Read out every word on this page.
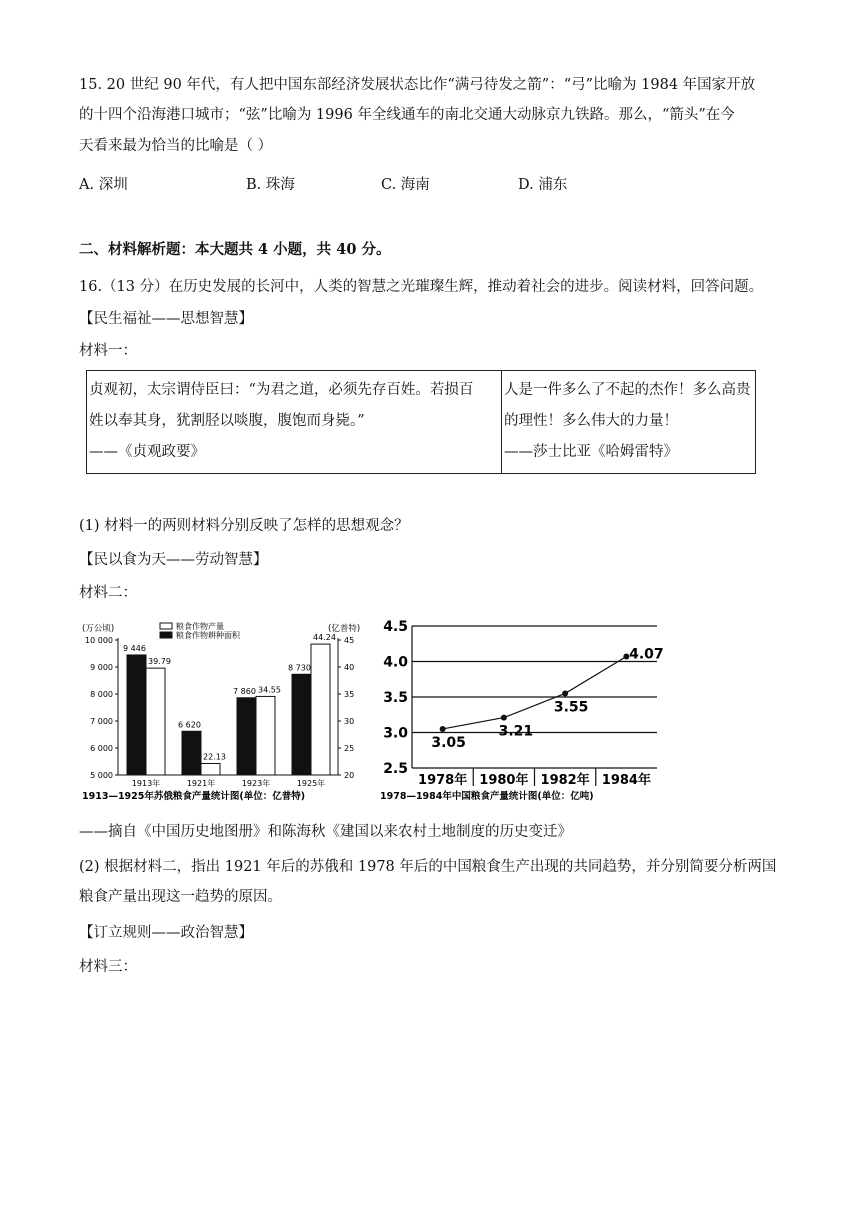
15. 20 世纪 90 年代，有人把中国东部经济发展状态比作“满弓待发之箭”：“弓”比喻为 1984 年国家开放
的十四个沿海港口城市；“弦”比喻为 1996 年全线通车的南北交通大动脉京九铁路。那么，“箭头”在今
天看来最为恰当的比喻是（ ）
A. 深圳	B. 珠海	C. 海南	D. 浦东
二、材料解析题：本大题共 4 小题，共 40 分。
16.（13 分）在历史发展的长河中，人类的智慧之光璀璨生辉，推动着社会的进步。阅读材料，回答问题。
【民生福祉——思想智慧】
材料一：
贞观初，太宗谓侍臣曰：“为君之道，必须先存百姓。若损百
姓以奉其身，犹割胫以啖腹，腹饱而身毙。”
——《贞观政要》

人是一件多么了不起的杰作！多么高贵
的理性！多么伟大的力量！
——莎士比亚《哈姆雷特》
(1) 材料一的两则材料分别反映了怎样的思想观念？
【民以食为天——劳动智慧】
材料二：
(万公顷)	(亿普特)
粮食作物产量
粮食作物耕种面积
10 000
9 000
8 000
7 000
6 000
5 000
45
40
35
30
25
20
9 446
39.79
6 620
22.13
7 860 34.55
8 730
44.24
1913年	1921年	1923年	1925年
1913—1925年苏俄粮食产量统计图(单位：亿普特)
4.5
4.0
3.5
3.0
2.5
3.05
3.21
3.55
4.07
1978年 1980年 1982年 1984年
1978—1984年中国粮食产量统计图(单位：亿吨)
——摘自《中国历史地图册》和陈海秋《建国以来农村土地制度的历史变迁》
(2) 根据材料二，指出 1921 年后的苏俄和 1978 年后的中国粮食生产出现的共同趋势，并分别简要分析两国
粮食产量出现这一趋势的原因。
【订立规则——政治智慧】
材料三：
